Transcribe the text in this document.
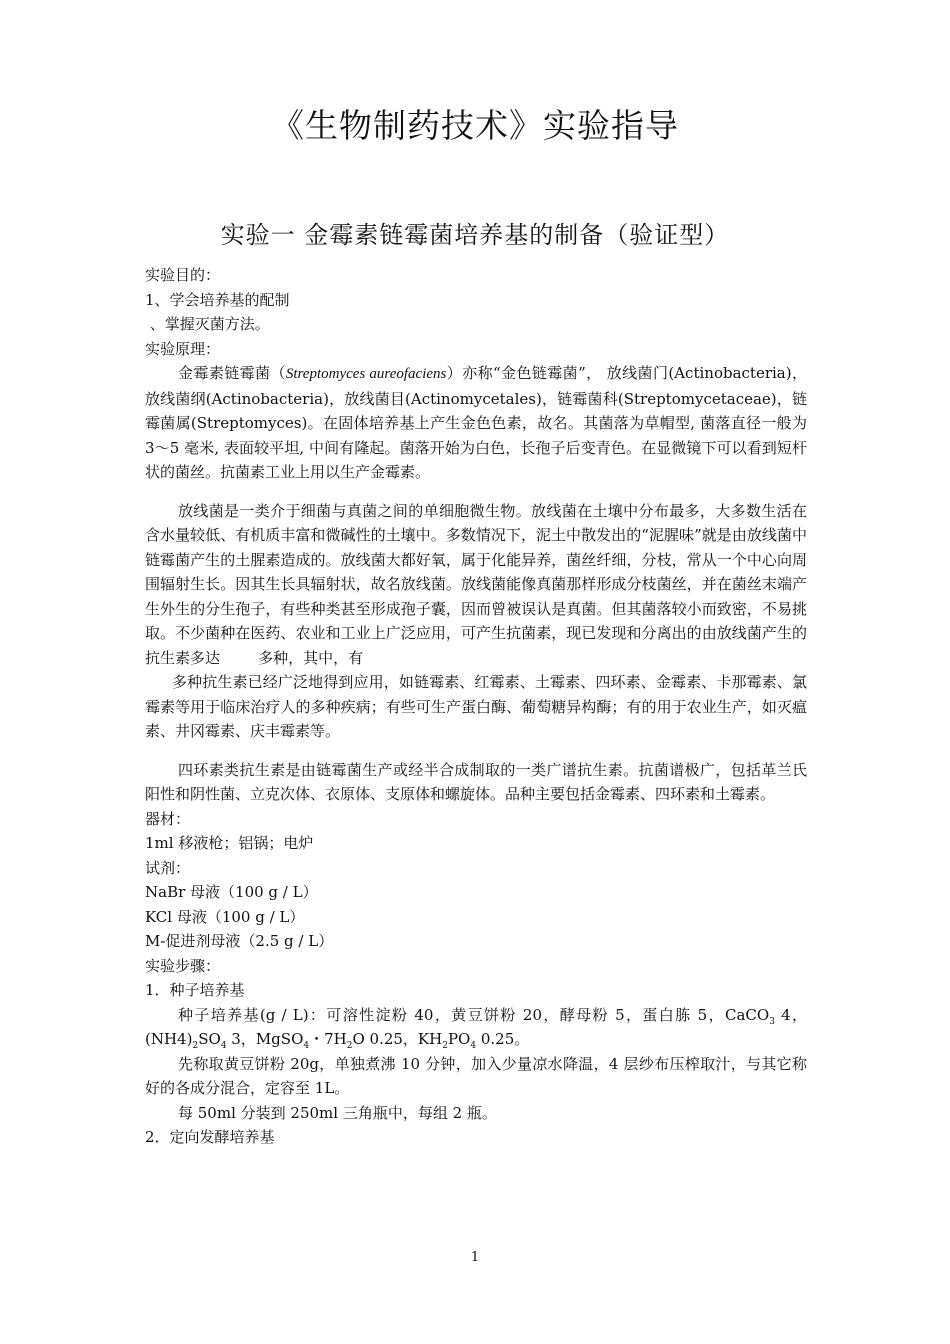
《生物制药技术》实验指导
实验一 金霉素链霉菌培养基的制备（验证型）
实验目的：
1、学会培养基的配制
、掌握灭菌方法。
实验原理：
金霉素链霉菌（Streptomyces aureofaciens）亦称“金色链霉菌”， 放线菌门(Actinobacteria)， 放线菌纲(Actinobacteria)，放线菌目(Actinomycetales)，链霉菌科(Streptomycetaceae)，链霉菌属(Streptomyces)。在固体培养基上产生金色色素，故名。其菌落为草帽型, 菌落直径一般为 3～5 毫米, 表面较平坦, 中间有隆起。菌落开始为白色，长孢子后变青色。在显微镜下可以看到短杆状的菌丝。抗菌素工业上用以生产金霉素。
放线菌是一类介于细菌与真菌之间的单细胞微生物。放线菌在土壤中分布最多，大多数生活在含水量较低、有机质丰富和微碱性的土壤中。多数情况下，泥土中散发出的“泥腥味”就是由放线菌中链霉菌产生的土腥素造成的。放线菌大都好氧，属于化能异养，菌丝纤细，分枝，常从一个中心向周围辐射生长。因其生长具辐射状，故名放线菌。放线菌能像真菌那样形成分枝菌丝，并在菌丝末端产生外生的分生孢子，有些种类甚至形成孢子囊，因而曾被误认是真菌。但其菌落较小而致密，不易挑取。不少菌种在医药、农业和工业上广泛应用，可产生抗菌素，现已发现和分离出的由放线菌产生的抗生素多达        多种，其中，有
多种抗生素已经广泛地得到应用，如链霉素、红霉素、土霉素、四环素、金霉素、卡那霉素、氯霉素等用于临床治疗人的多种疾病；有些可生产蛋白酶、葡萄糖异构酶；有的用于农业生产，如灭瘟素、井冈霉素、庆丰霉素等。
四环素类抗生素是由链霉菌生产或经半合成制取的一类广谱抗生素。抗菌谱极广，包括革兰氏阳性和阴性菌、立克次体、衣原体、支原体和螺旋体。品种主要包括金霉素、四环素和土霉素。
器材：
1ml 移液枪；铝锅；电炉
试剂：
NaBr 母液（100 g / L）
KCl 母液（100 g / L）
M-促进剂母液（2.5 g / L）
实验步骤：
1．种子培养基
种子培养基(g / L)：可溶性淀粉 40，黄豆饼粉 20，酵母粉 5，蛋白胨 5，CaCO$_3$ 4，$(NH4)_2SO_4$ 3，MgSO$_4$・$7H_2O$ 0.25，$KH_2PO_4$ 0.25。
先称取黄豆饼粉 20g，单独煮沸 10 分钟，加入少量凉水降温，4 层纱布压榨取汁，与其它称好的各成分混合，定容至 1L。
每 50ml 分装到 250ml 三角瓶中，每组 2 瓶。
2．定向发酵培养基
1
